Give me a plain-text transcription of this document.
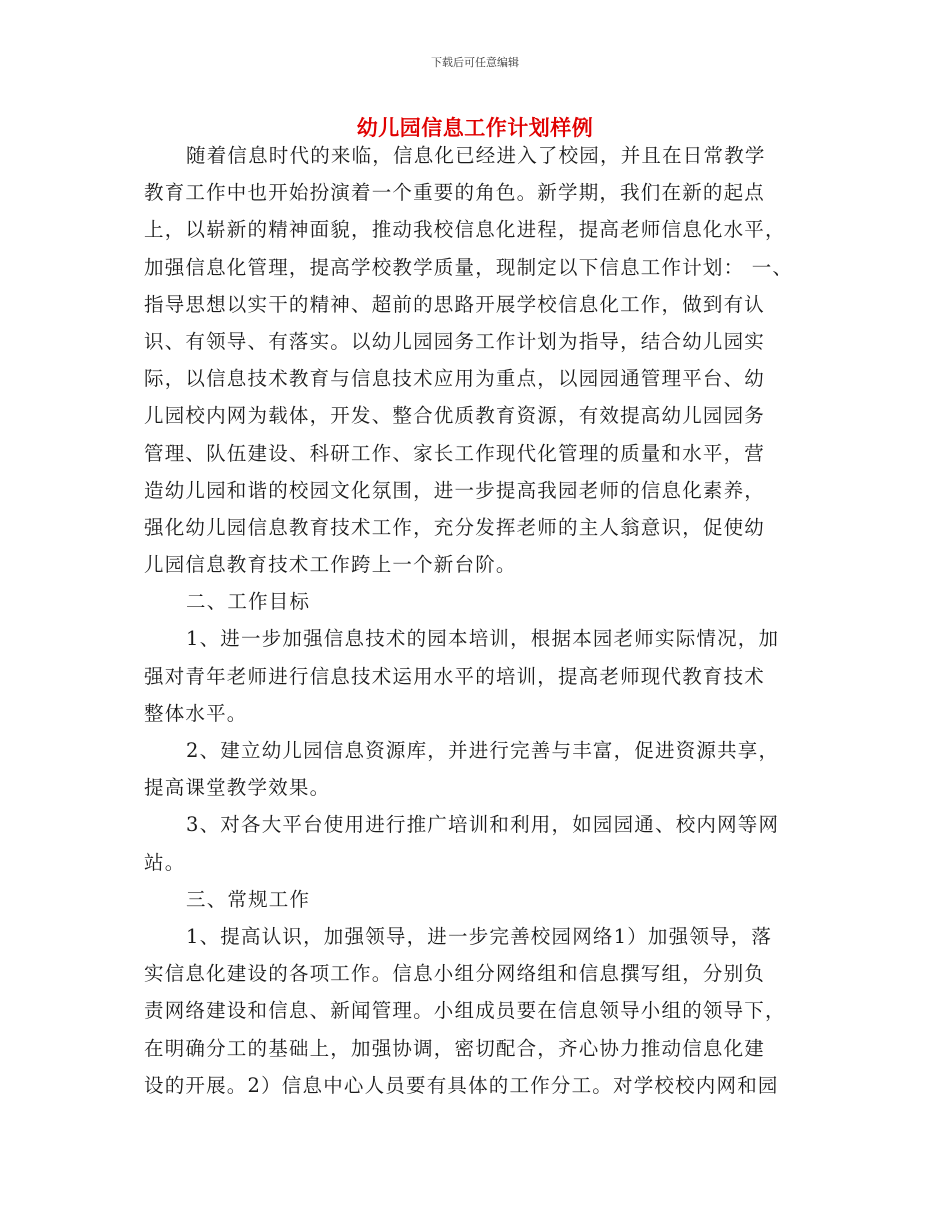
下载后可任意编辑
幼儿园信息工作计划样例
随着信息时代的来临，信息化已经进入了校园，并且在日常教学
教育工作中也开始扮演着一个重要的角色。新学期，我们在新的起点
上，以崭新的精神面貌，推动我校信息化进程，提高老师信息化水平，
加强信息化管理，提高学校教学质量，现制定以下信息工作计划： 一、
指导思想以实干的精神、超前的思路开展学校信息化工作，做到有认
识、有领导、有落实。以幼儿园园务工作计划为指导，结合幼儿园实
际，以信息技术教育与信息技术应用为重点，以园园通管理平台、幼
儿园校内网为载体，开发、整合优质教育资源，有效提高幼儿园园务
管理、队伍建设、科研工作、家长工作现代化管理的质量和水平，营
造幼儿园和谐的校园文化氛围，进一步提高我园老师的信息化素养，
强化幼儿园信息教育技术工作，充分发挥老师的主人翁意识，促使幼
儿园信息教育技术工作跨上一个新台阶。
二、工作目标
1、进一步加强信息技术的园本培训，根据本园老师实际情况，加
强对青年老师进行信息技术运用水平的培训，提高老师现代教育技术
整体水平。
2、建立幼儿园信息资源库，并进行完善与丰富，促进资源共享，
提高课堂教学效果。
3、对各大平台使用进行推广培训和利用，如园园通、校内网等网
站。
三、常规工作
1、提高认识，加强领导，进一步完善校园网络1）加强领导，落
实信息化建设的各项工作。信息小组分网络组和信息撰写组，分别负
责网络建设和信息、新闻管理。小组成员要在信息领导小组的领导下，
在明确分工的基础上，加强协调，密切配合，齐心协力推动信息化建
设的开展。2）信息中心人员要有具体的工作分工。对学校校内网和园
